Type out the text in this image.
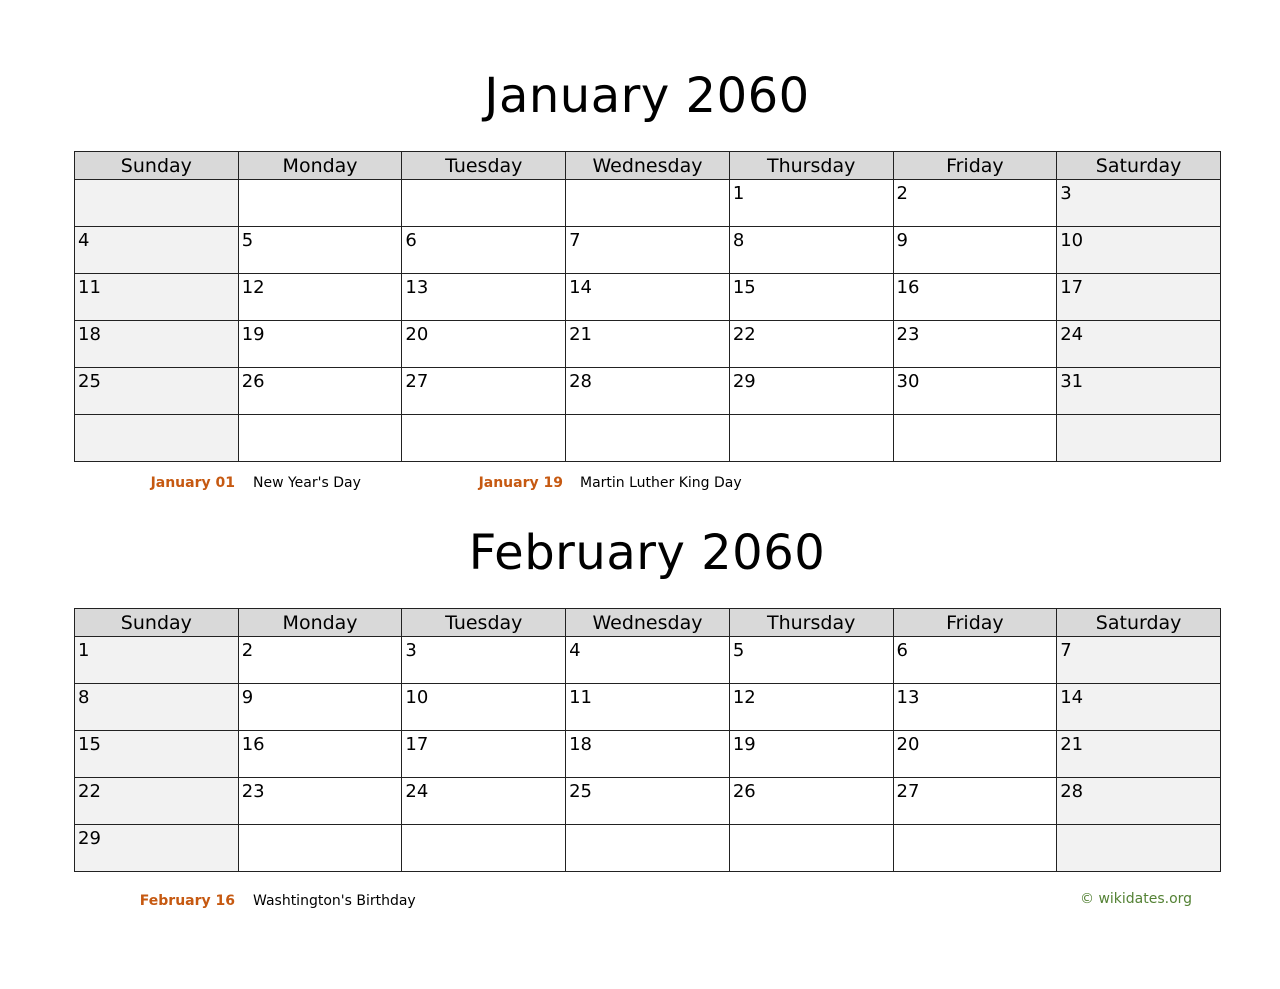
January 2060
Sunday	Monday	Tuesday	Wednesday	Thursday	Friday	Saturday
				1	2	3
4	5	6	7	8	9	10
11	12	13	14	15	16	17
18	19	20	21	22	23	24
25	26	27	28	29	30	31

January 01 New Year's Day	January 19 Martin Luther King Day
February 2060
Sunday	Monday	Tuesday	Wednesday	Thursday	Friday	Saturday
1	2	3	4	5	6	7
8	9	10	11	12	13	14
15	16	17	18	19	20	21
22	23	24	25	26	27	28
29						
February 16 Washtington's Birthday	© wikidates.org
